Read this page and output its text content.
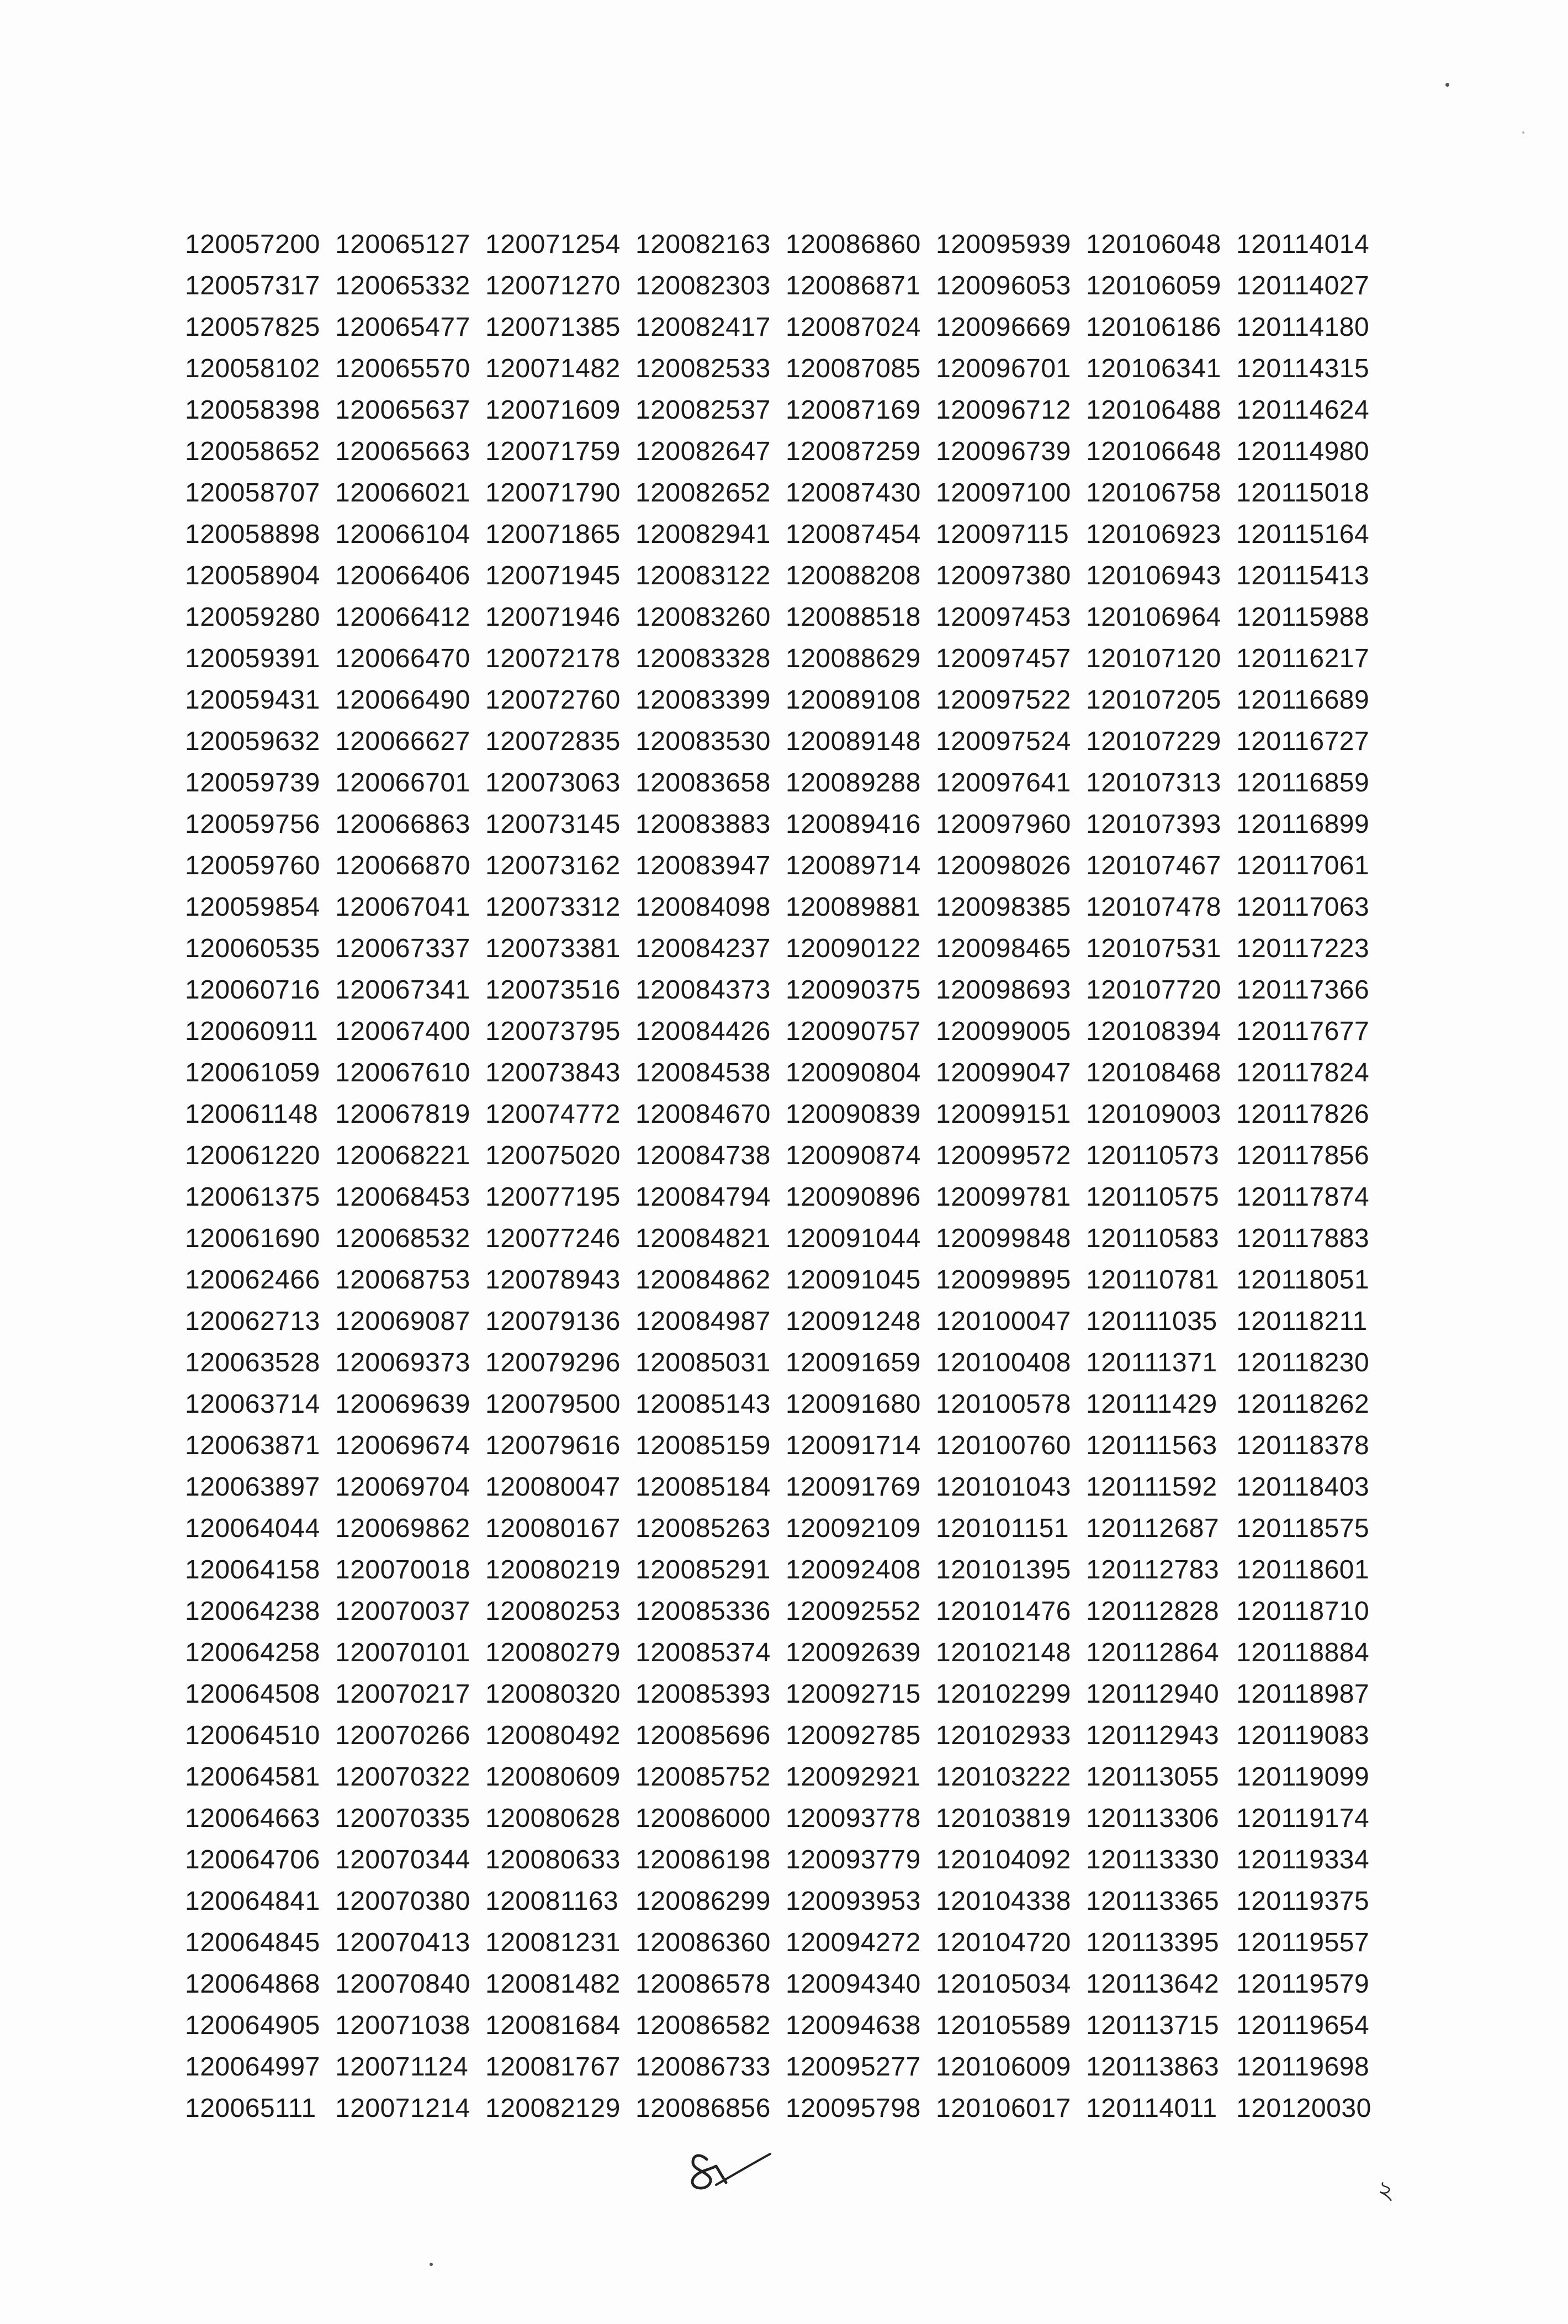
120057200 120065127 120071254 120082163 120086860 120095939 120106048 120114014
120057317 120065332 120071270 120082303 120086871 120096053 120106059 120114027
120057825 120065477 120071385 120082417 120087024 120096669 120106186 120114180
120058102 120065570 120071482 120082533 120087085 120096701 120106341 120114315
120058398 120065637 120071609 120082537 120087169 120096712 120106488 120114624
120058652 120065663 120071759 120082647 120087259 120096739 120106648 120114980
120058707 120066021 120071790 120082652 120087430 120097100 120106758 120115018
120058898 120066104 120071865 120082941 120087454 120097115 120106923 120115164
120058904 120066406 120071945 120083122 120088208 120097380 120106943 120115413
120059280 120066412 120071946 120083260 120088518 120097453 120106964 120115988
120059391 120066470 120072178 120083328 120088629 120097457 120107120 120116217
120059431 120066490 120072760 120083399 120089108 120097522 120107205 120116689
120059632 120066627 120072835 120083530 120089148 120097524 120107229 120116727
120059739 120066701 120073063 120083658 120089288 120097641 120107313 120116859
120059756 120066863 120073145 120083883 120089416 120097960 120107393 120116899
120059760 120066870 120073162 120083947 120089714 120098026 120107467 120117061
120059854 120067041 120073312 120084098 120089881 120098385 120107478 120117063
120060535 120067337 120073381 120084237 120090122 120098465 120107531 120117223
120060716 120067341 120073516 120084373 120090375 120098693 120107720 120117366
120060911 120067400 120073795 120084426 120090757 120099005 120108394 120117677
120061059 120067610 120073843 120084538 120090804 120099047 120108468 120117824
120061148 120067819 120074772 120084670 120090839 120099151 120109003 120117826
120061220 120068221 120075020 120084738 120090874 120099572 120110573 120117856
120061375 120068453 120077195 120084794 120090896 120099781 120110575 120117874
120061690 120068532 120077246 120084821 120091044 120099848 120110583 120117883
120062466 120068753 120078943 120084862 120091045 120099895 120110781 120118051
120062713 120069087 120079136 120084987 120091248 120100047 120111035 120118211
120063528 120069373 120079296 120085031 120091659 120100408 120111371 120118230
120063714 120069639 120079500 120085143 120091680 120100578 120111429 120118262
120063871 120069674 120079616 120085159 120091714 120100760 120111563 120118378
120063897 120069704 120080047 120085184 120091769 120101043 120111592 120118403
120064044 120069862 120080167 120085263 120092109 120101151 120112687 120118575
120064158 120070018 120080219 120085291 120092408 120101395 120112783 120118601
120064238 120070037 120080253 120085336 120092552 120101476 120112828 120118710
120064258 120070101 120080279 120085374 120092639 120102148 120112864 120118884
120064508 120070217 120080320 120085393 120092715 120102299 120112940 120118987
120064510 120070266 120080492 120085696 120092785 120102933 120112943 120119083
120064581 120070322 120080609 120085752 120092921 120103222 120113055 120119099
120064663 120070335 120080628 120086000 120093778 120103819 120113306 120119174
120064706 120070344 120080633 120086198 120093779 120104092 120113330 120119334
120064841 120070380 120081163 120086299 120093953 120104338 120113365 120119375
120064845 120070413 120081231 120086360 120094272 120104720 120113395 120119557
120064868 120070840 120081482 120086578 120094340 120105034 120113642 120119579
120064905 120071038 120081684 120086582 120094638 120105589 120113715 120119654
120064997 120071124 120081767 120086733 120095277 120106009 120113863 120119698
120065111 120071214 120082129 120086856 120095798 120106017 120114011 120120030
২
